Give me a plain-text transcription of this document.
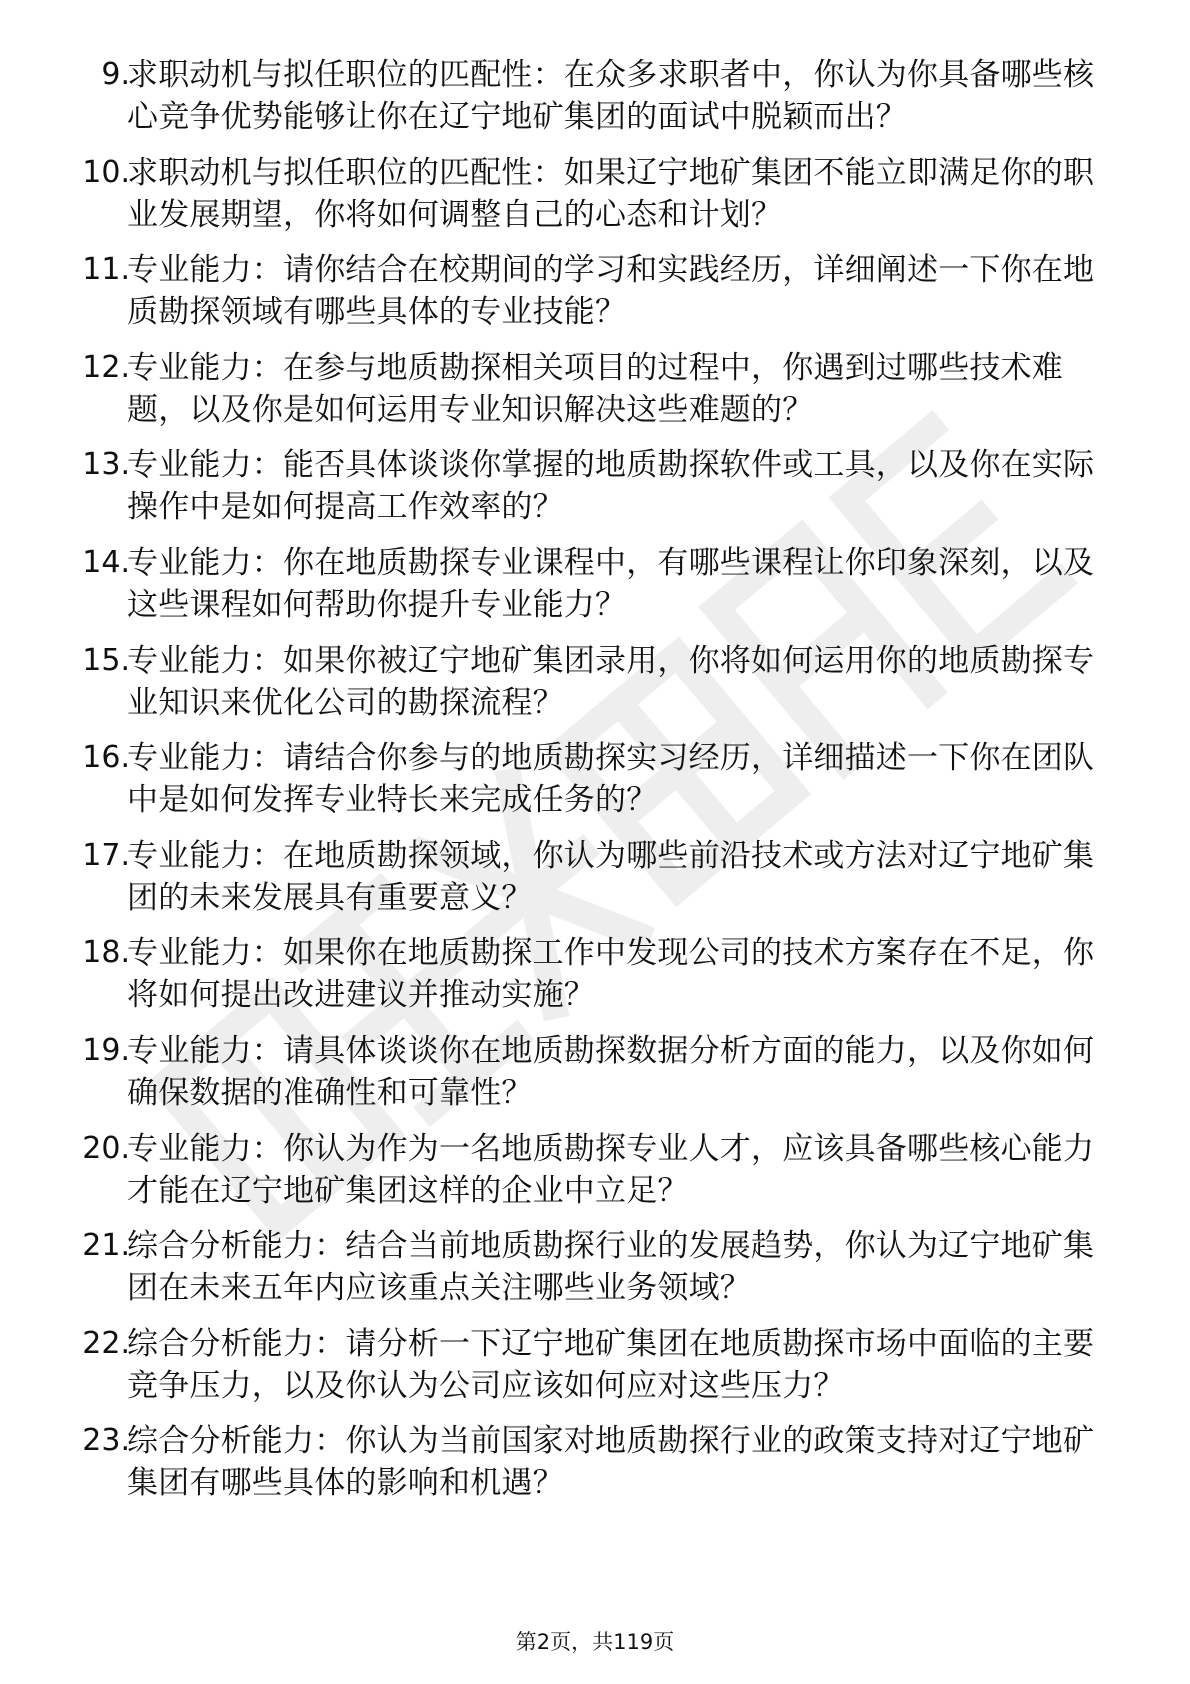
9.
求职动机与拟任职位的匹配性：在众多求职者中，你认为你具备哪些核心竞争优势能够让你在辽宁地矿集团的面试中脱颖而出？
10.
求职动机与拟任职位的匹配性：如果辽宁地矿集团不能立即满足你的职业发展期望，你将如何调整自己的心态和计划？
11.
专业能力：请你结合在校期间的学习和实践经历，详细阐述一下你在地质勘探领域有哪些具体的专业技能？
12.
专业能力：在参与地质勘探相关项目的过程中，你遇到过哪些技术难题，以及你是如何运用专业知识解决这些难题的？
13.
专业能力：能否具体谈谈你掌握的地质勘探软件或工具，以及你在实际操作中是如何提高工作效率的？
14.
专业能力：你在地质勘探专业课程中，有哪些课程让你印象深刻，以及这些课程如何帮助你提升专业能力？
15.
专业能力：如果你被辽宁地矿集团录用，你将如何运用你的地质勘探专业知识来优化公司的勘探流程？
16.
专业能力：请结合你参与的地质勘探实习经历，详细描述一下你在团队中是如何发挥专业特长来完成任务的？
17.
专业能力：在地质勘探领域，你认为哪些前沿技术或方法对辽宁地矿集团的未来发展具有重要意义？
18.
专业能力：如果你在地质勘探工作中发现公司的技术方案存在不足，你将如何提出改进建议并推动实施？
19.
专业能力：请具体谈谈你在地质勘探数据分析方面的能力，以及你如何确保数据的准确性和可靠性？
20.
专业能力：你认为作为一名地质勘探专业人才，应该具备哪些核心能力才能在辽宁地矿集团这样的企业中立足？
21.
综合分析能力：结合当前地质勘探行业的发展趋势，你认为辽宁地矿集团在未来五年内应该重点关注哪些业务领域？
22.
综合分析能力：请分析一下辽宁地矿集团在地质勘探市场中面临的主要竞争压力，以及你认为公司应该如何应对这些压力？
23.
综合分析能力：你认为当前国家对地质勘探行业的政策支持对辽宁地矿集团有哪些具体的影响和机遇？
第2页，共119页
